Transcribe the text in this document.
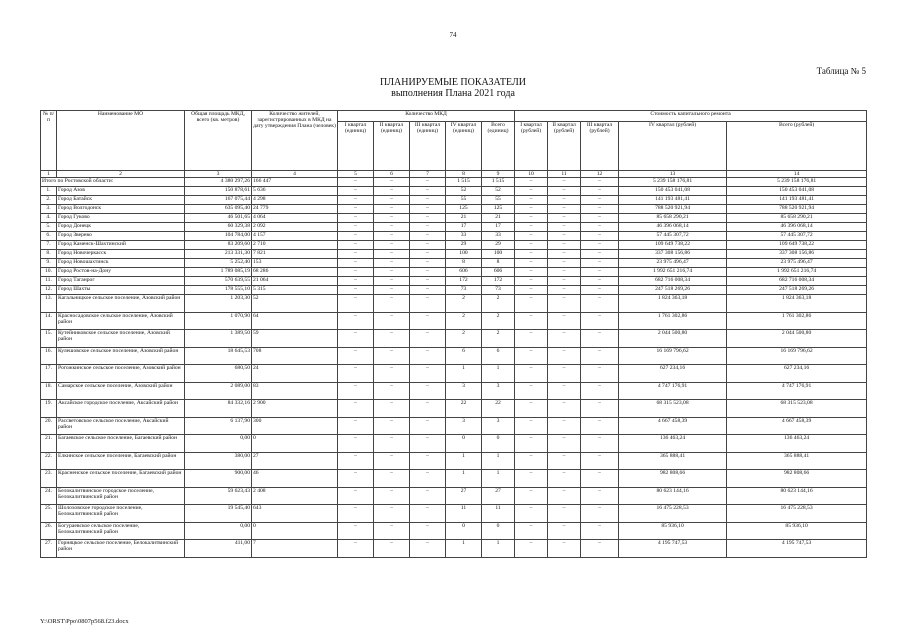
74
Таблица № 5
ПЛАНИРУЕМЫЕ ПОКАЗАТЕЛИ
выполнения Плана 2021 года
№ п/п	Наименование МО	Общая площадь МКД, всего (кв. метров)	Количество жителей, зарегистрированных в МКД на дату утверждения Плана (человек)	Количество МКД					Стоимость капитального ремонта				
				I квартал (единиц)	II квартал (единиц)	III квартал (единиц)	IV квартал (единиц)	Всего (единиц)	I квартал (рублей)	II квартал (рублей)	III квартал (рублей)	IV квартал (рублей)	Всего (рублей)
1	2	3	4	5	6	7	8	9	10	11	12	13	14
Итого по Ростовской области:		4 380 297,26	166 447	–	–	–	1 515	1 515	–	–	–	5 239 158 176,81	5 239 158 176,81
1.	Город Азов	150 878,61	5 636	–	–	–	52	52	–	–	–	150 453 041,08	150 453 041,08
2.	Город Батайск	167 075,44	4 298	–	–	–	55	55	–	–	–	141 193 481,41	141 193 481,41
3.	Город Волгодонск	635 095,40	24 779	–	–	–	125	125	–	–	–	788 520 921,94	788 520 921,94
4.	Город Гуково	46 501,65	4 064	–	–	–	21	21	–	–	–	85 658 290,21	85 658 290,21
5.	Город Донецк	60 329,38	2 092	–	–	–	17	17	–	–	–	46 396 068,14	46 396 068,14
6.	Город Зверево	104 784,00	4 157	–	–	–	33	33	–	–	–	57 445 307,72	57 445 307,72
7.	Город Каменск-Шахтинский	83 209,60	2 710	–	–	–	29	29	–	–	–	109 649 738,22	109 649 738,22
8.	Город Новочеркасск	213 331,30	7 821	–	–	–	100	100	–	–	–	337 308 156,86	337 308 156,86
9.	Город Новошахтинск	5 252,40	153	–	–	–	8	8	–	–	–	23 975 496,47	23 975 496,47
10.	Город Ростов-на-Дону	1 789 085,19	68 286	–	–	–	606	606	–	–	–	1 992 651 216,74	1 992 651 216,74
11.	Город Таганрог	570 639,55	21 064	–	–	–	172	172	–	–	–	682 716 008,34	682 716 008,34
12.	Город Шахты	178 555,10	5 315	–	–	–	73	73	–	–	–	247 518 269,26	247 518 269,26
13.	Кагальницкое сельское поселение, Азовский район	1 203,30	52	–	–	–	2	2	–	–	–	1 824 363,18	1 824 363,18
14.	Красносадовское сельское поселение, Азовский район	1 070,90	64	–	–	–	2	2	–	–	–	1 761 302,86	1 761 302,86
15.	Кутейниковское сельское поселение, Азовский район	1 389,50	59	–	–	–	2	2	–	–	–	2 044 500,80	2 044 500,80
16.	Кулешовское сельское поселение, Азовский район	18 645,53	708	–	–	–	6	6	–	–	–	16 169 796,62	16 169 796,62
17.	Рогожкинское сельское поселение, Азовский район	680,50	24	–	–	–	1	1	–	–	–	627 234,16	627 234,16
18.	Самарское сельское поселение, Азовский район	2 089,00	83	–	–	–	3	3	–	–	–	4 747 176,91	4 747 176,91
19.	Аксайское городское поселение, Аксайский район	84 332,16	2 900	–	–	–	22	22	–	–	–	68 315 523,08	68 315 523,08
20.	Рассветовское сельское поселение, Аксайский район	6 137,90	300	–	–	–	3	3	–	–	–	4 667 458,39	4 667 458,39
21.	Багаевское сельское поселение, Багаевский район	0,00	0	–	–	–	0	0	–	–	–	136 463,24	136 463,24
22.	Елкинское сельское поселение, Багаевский район	380,00	27	–	–	–	1	1	–	–	–	365 888,41	365 888,41
23.	Красненское сельское поселение, Багаевский район	900,00	46	–	–	–	1	1	–	–	–	982 808,66	982 808,66
24.	Белокалитвинское городское поселение, Белокалитвинский район	59 623,43	2 408	–	–	–	27	27	–	–	–	80 623 144,16	80 623 144,16
25.	Шолоховское городское поселение, Белокалитвинский район	19 545,40	643	–	–	–	11	11	–	–	–	16 475 228,53	16 475 228,53
26.	Богураевское сельское поселение, Белокалитвинский район	0,00	0	–	–	–	0	0	–	–	–	85 936,10	85 936,10
27.	Горняцкое сельское поселение, Белокалитвинский район	411,00	7	–	–	–	1	1	–	–	–	4 195 747,53	4 195 747,53
Y:\ORST\Ppo\0807p568.f23.docx
